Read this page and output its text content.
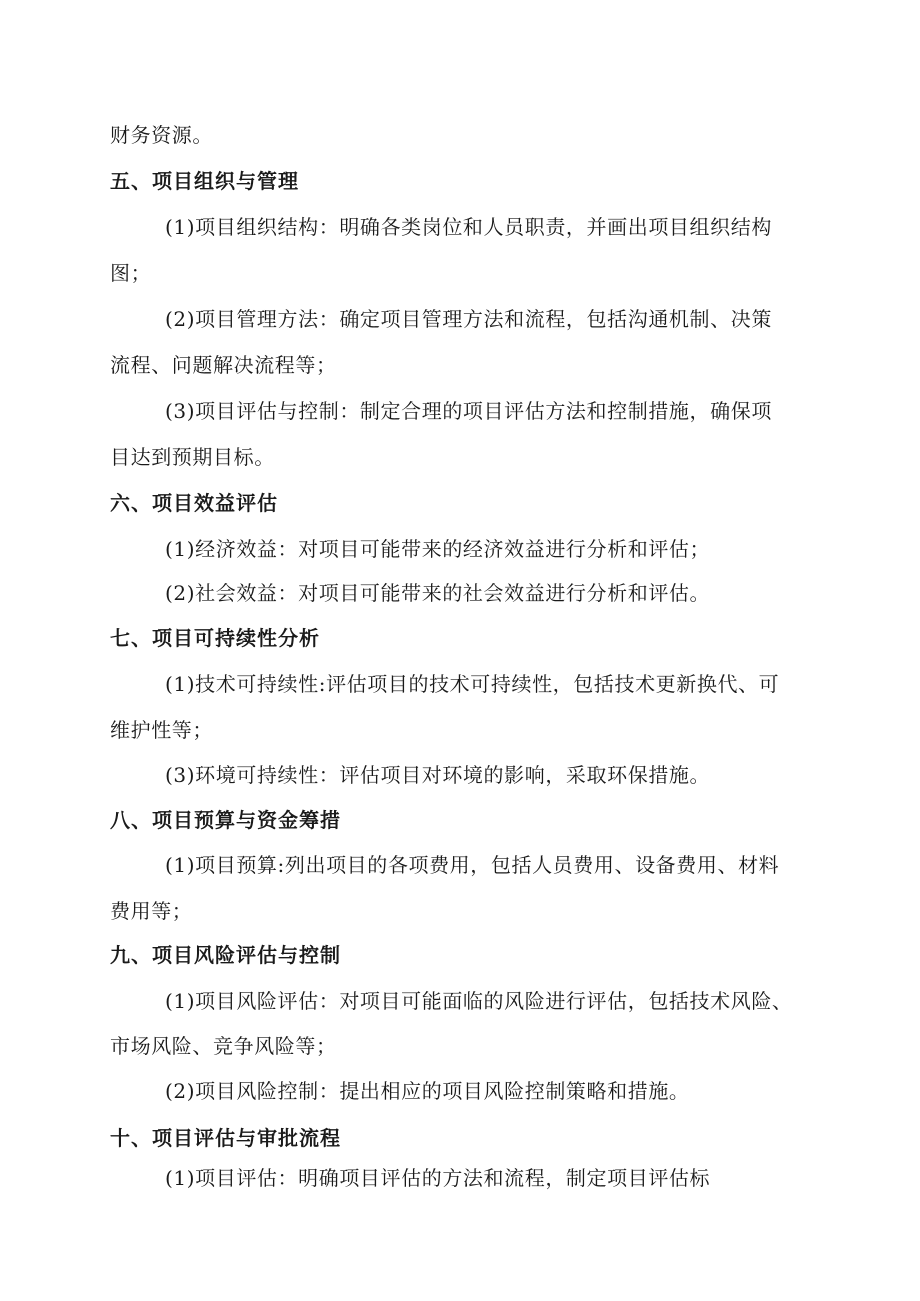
财务资源。
五、项目组织与管理
(1)项目组织结构：明确各类岗位和人员职责，并画出项目组织结构
图；
(2)项目管理方法：确定项目管理方法和流程，包括沟通机制、决策
流程、问题解决流程等；
(3)项目评估与控制：制定合理的项目评估方法和控制措施，确保项
目达到预期目标。
六、项目效益评估
(1)经济效益：对项目可能带来的经济效益进行分析和评估；
(2)社会效益：对项目可能带来的社会效益进行分析和评估。
七、项目可持续性分析
(1)技术可持续性:评估项目的技术可持续性，包括技术更新换代、可
维护性等；
(3)环境可持续性：评估项目对环境的影响，采取环保措施。
八、项目预算与资金筹措
(1)项目预算:列出项目的各项费用，包括人员费用、设备费用、材料
费用等；
九、项目风险评估与控制
(1)项目风险评估：对项目可能面临的风险进行评估，包括技术风险、
市场风险、竞争风险等；
(2)项目风险控制：提出相应的项目风险控制策略和措施。
十、项目评估与审批流程
(1)项目评估：明确项目评估的方法和流程，制定项目评估标
